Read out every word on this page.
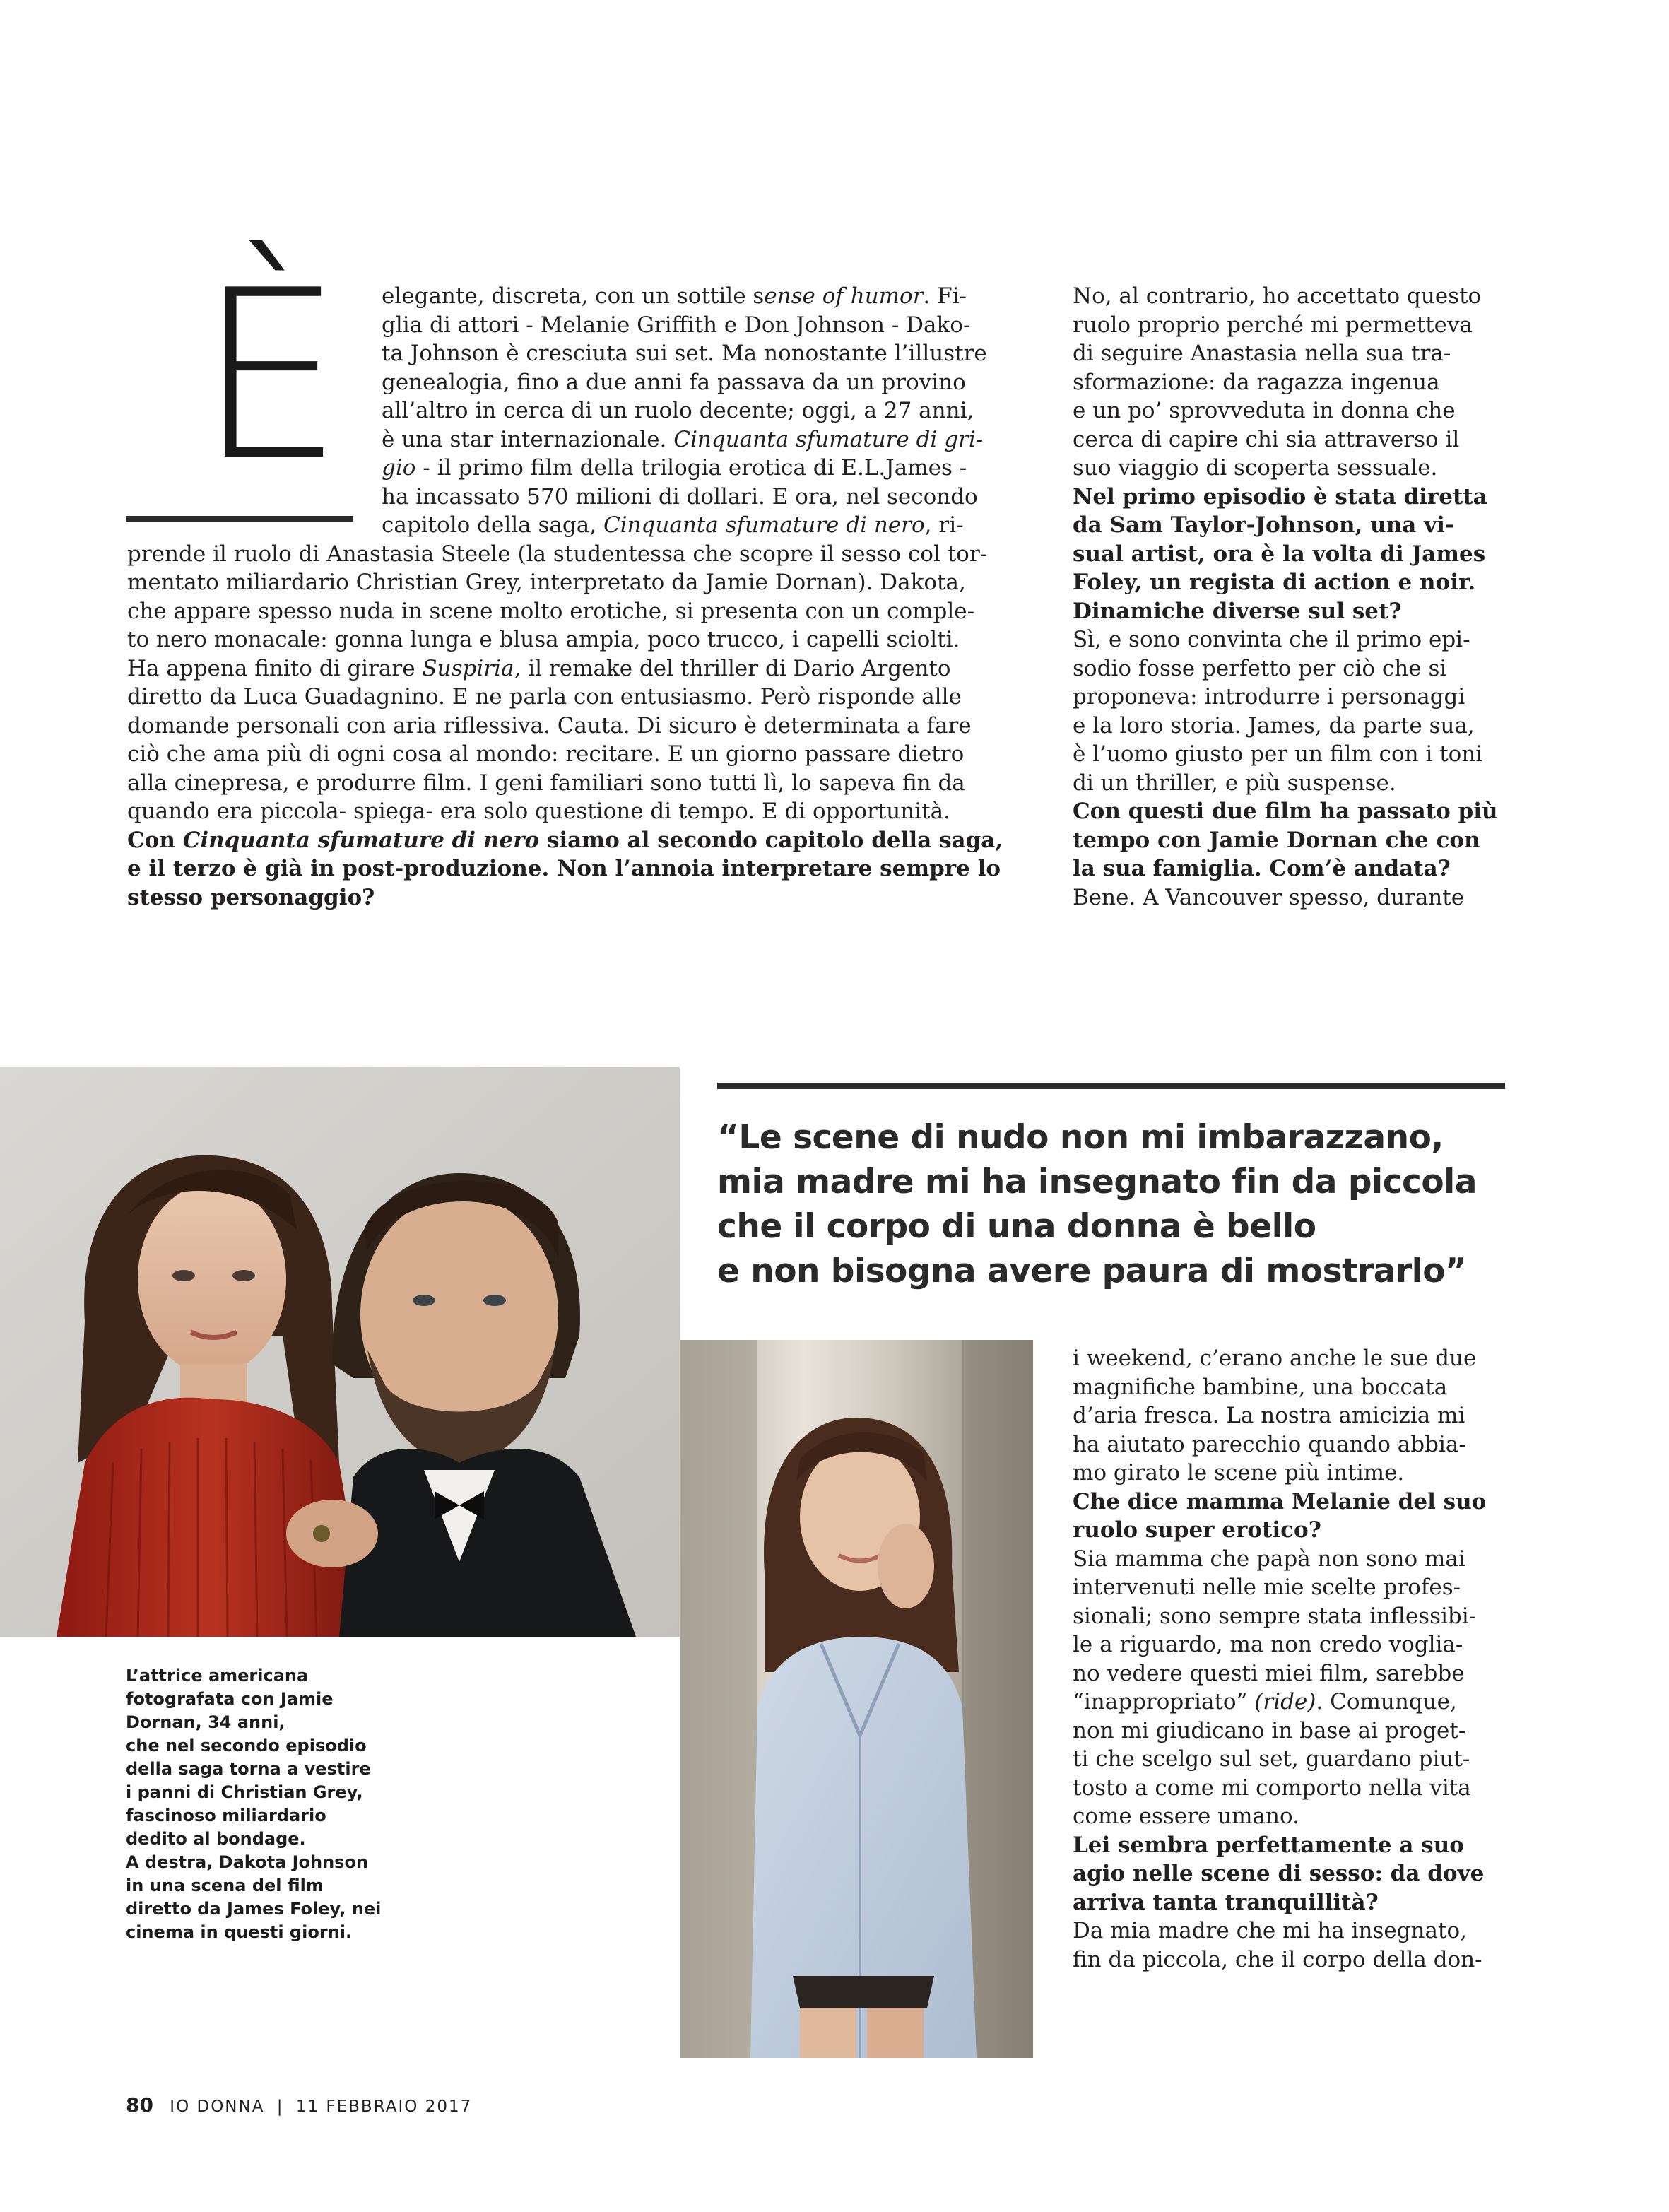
È	elegante, discreta, con un sottile sense of humor. Fi-
glia di attori - Melanie Griffith e Don Johnson - Dako-
ta Johnson è cresciuta sui set. Ma nonostante l’illustre
genealogia, fino a due anni fa passava da un provino
all’altro in cerca di un ruolo decente; oggi, a 27 anni,
è una star internazionale. Cinquanta sfumature di gri-
gio - il primo film della trilogia erotica di E.L.James -
ha incassato 570 milioni di dollari. E ora, nel secondo
capitolo della saga, Cinquanta sfumature di nero, ri-
prende il ruolo di Anastasia Steele (la studentessa che scopre il sesso col tor-
mentato miliardario Christian Grey, interpretato da Jamie Dornan). Dakota,
che appare spesso nuda in scene molto erotiche, si presenta con un comple-
to nero monacale: gonna lunga e blusa ampia, poco trucco, i capelli sciolti.
Ha appena finito di girare Suspiria, il remake del thriller di Dario Argento
diretto da Luca Guadagnino. E ne parla con entusiasmo. Però risponde alle
domande personali con aria riflessiva. Cauta. Di sicuro è determinata a fare
ciò che ama più di ogni cosa al mondo: recitare. E un giorno passare dietro
alla cinepresa, e produrre film. I geni familiari sono tutti lì, lo sapeva fin da
quando era piccola- spiega- era solo questione di tempo. E di opportunità.
Con Cinquanta sfumature di nero siamo al secondo capitolo della saga,
e il terzo è già in post-produzione. Non l’annoia interpretare sempre lo
stesso personaggio?
No, al contrario, ho accettato questo
ruolo proprio perché mi permetteva
di seguire Anastasia nella sua tra-
sformazione: da ragazza ingenua
e un po’ sprovveduta in donna che
cerca di capire chi sia attraverso il
suo viaggio di scoperta sessuale.
Nel primo episodio è stata diretta
da Sam Taylor-Johnson, una vi-
sual artist, ora è la volta di James
Foley, un regista di action e noir.
Dinamiche diverse sul set?
Sì, e sono convinta che il primo epi-
sodio fosse perfetto per ciò che si
proponeva: introdurre i personaggi
e la loro storia. James, da parte sua,
è l’uomo giusto per un film con i toni
di un thriller, e più suspense.
Con questi due film ha passato più
tempo con Jamie Dornan che con
la sua famiglia. Com’è andata?
Bene. A Vancouver spesso, durante
“Le scene di nudo non mi imbarazzano,
mia madre mi ha insegnato fin da piccola
che il corpo di una donna è bello
e non bisogna avere paura di mostrarlo”
i weekend, c’erano anche le sue due
magnifiche bambine, una boccata
d’aria fresca. La nostra amicizia mi
ha aiutato parecchio quando abbia-
mo girato le scene più intime.
Che dice mamma Melanie del suo
ruolo super erotico?
Sia mamma che papà non sono mai
intervenuti nelle mie scelte profes-
sionali; sono sempre stata inflessibi-
le a riguardo, ma non credo voglia-
no vedere questi miei film, sarebbe
“inappropriato” (ride). Comunque,
non mi giudicano in base ai proget-
ti che scelgo sul set, guardano piut-
tosto a come mi comporto nella vita
come essere umano.
Lei sembra perfettamente a suo
agio nelle scene di sesso: da dove
arriva tanta tranquillità?
Da mia madre che mi ha insegnato,
fin da piccola, che il corpo della don-
L’attrice americana
fotografata con Jamie
Dornan, 34 anni,
che nel secondo episodio
della saga torna a vestire
i panni di Christian Grey,
fascinoso miliardario
dedito al bondage.
A destra, Dakota Johnson
in una scena del film
diretto da James Foley, nei
cinema in questi giorni.
80 IO DONNA | 11 FEBBRAIO 2017
